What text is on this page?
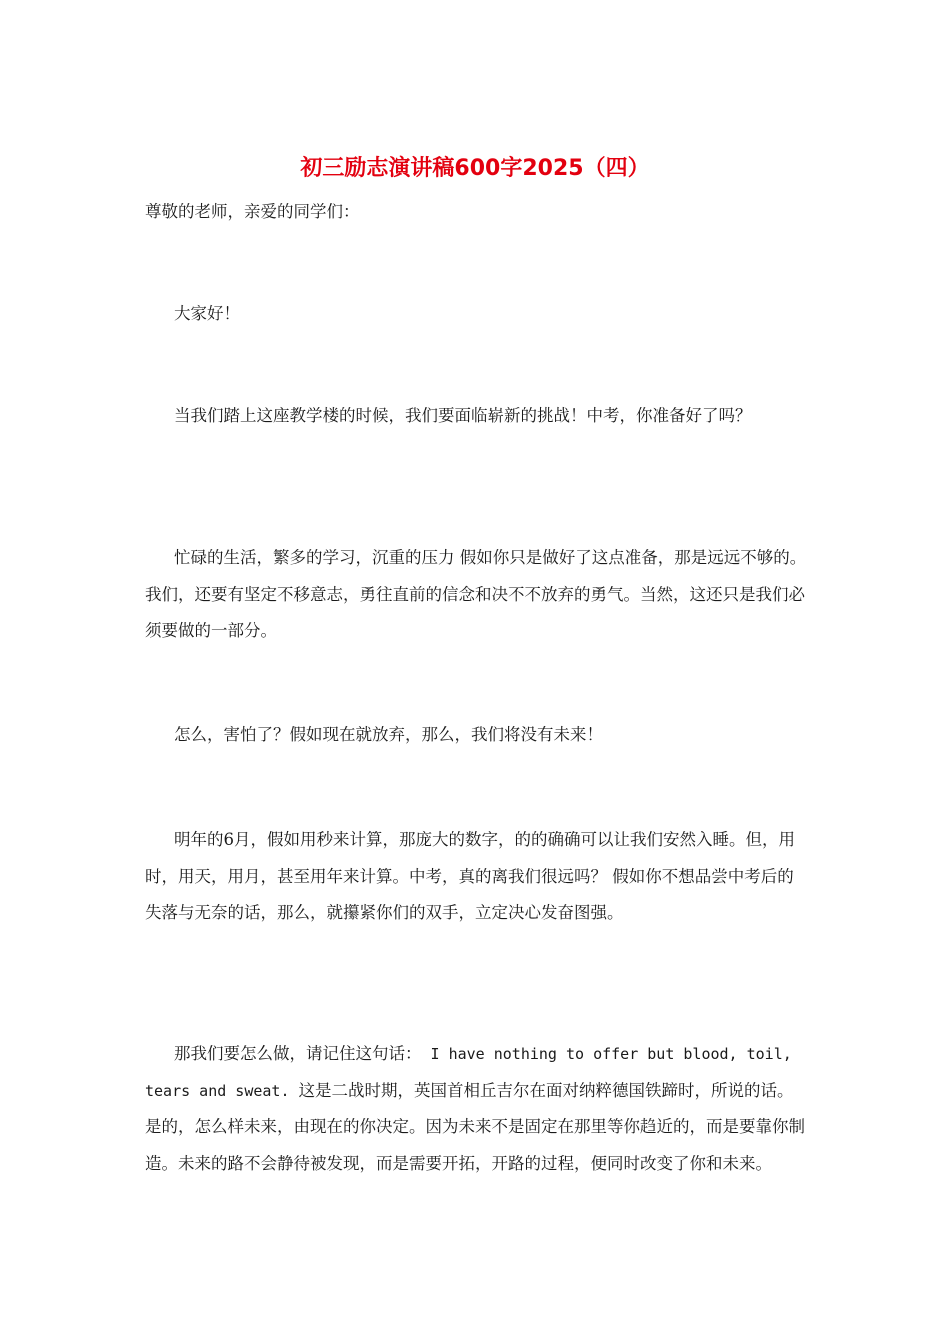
初三励志演讲稿600字2025（四）
尊敬的老师，亲爱的同学们：

大家好！

当我们踏上这座教学楼的时候，我们要面临崭新的挑战！中考，你准备好了吗？

忙碌的生活，繁多的学习，沉重的压力 假如你只是做好了这点准备，那是远远不够的。我们，还要有坚定不移意志，勇往直前的信念和决不不放弃的勇气。当然，这还只是我们必须要做的一部分。

怎么，害怕了？假如现在就放弃，那么，我们将没有未来！

明年的6月，假如用秒来计算，那庞大的数字，的的确确可以让我们安然入睡。但，用时，用天，用月，甚至用年来计算。中考，真的离我们很远吗？ 假如你不想品尝中考后的失落与无奈的话，那么，就攥紧你们的双手，立定决心发奋图强。

那我们要怎么做，请记住这句话： I have nothing to offer but blood, toil, tears and sweat. 这是二战时期，英国首相丘吉尔在面对纳粹德国铁蹄时，所说的话。是的，怎么样未来，由现在的你决定。因为未来不是固定在那里等你趋近的，而是要靠你制造。未来的路不会静待被发现，而是需要开拓，开路的过程，便同时改变了你和未来。
